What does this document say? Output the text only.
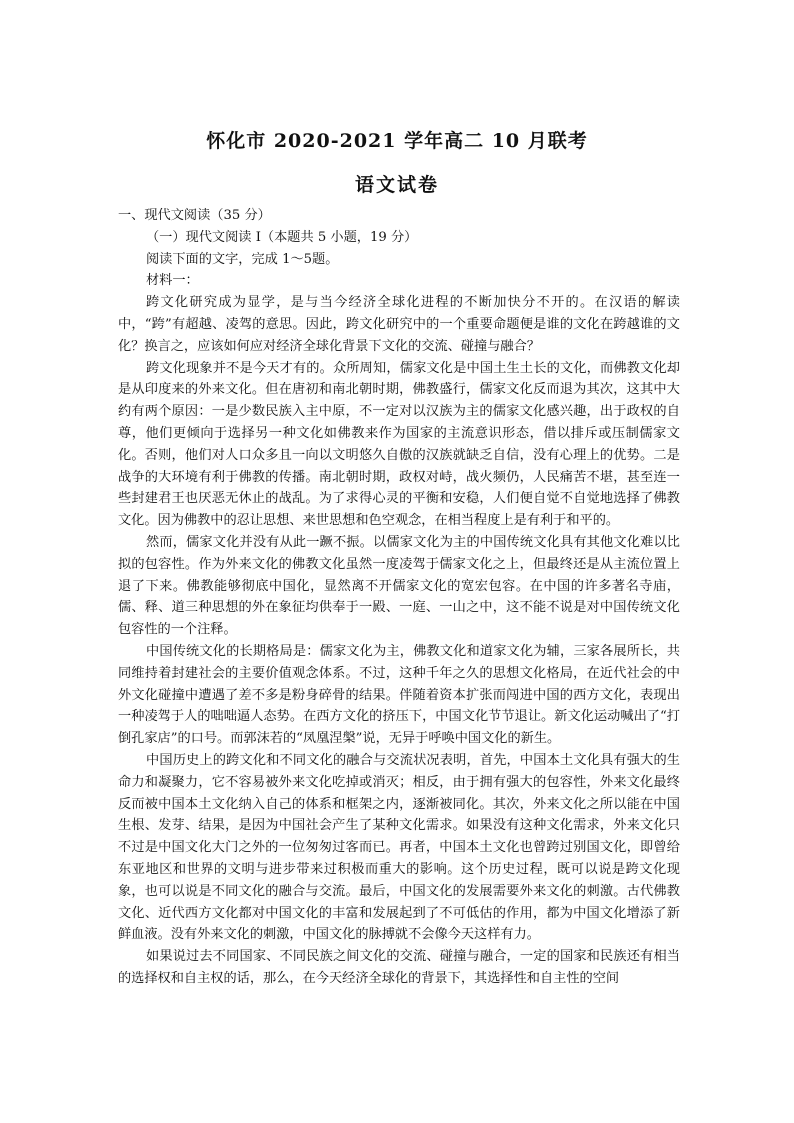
怀化市 2020-2021 学年高二 10 月联考
语文试卷
一、现代文阅读（35 分）
（一）现代文阅读 I（本题共 5 小题，19 分）
阅读下面的文字，完成 1～5题。
材料一：

跨文化研究成为显学，是与当今经济全球化进程的不断加快分不开的。在汉语的解读中，“跨”有超越、凌驾的意思。因此，跨文化研究中的一个重要命题便是谁的文化在跨越谁的文化？换言之，应该如何应对经济全球化背景下文化的交流、碰撞与融合？

跨文化现象并不是今天才有的。众所周知，儒家文化是中国土生土长的文化，而佛教文化却是从印度来的外来文化。但在唐初和南北朝时期，佛教盛行，儒家文化反而退为其次，这其中大约有两个原因：一是少数民族入主中原，不一定对以汉族为主的儒家文化感兴趣，出于政权的自尊，他们更倾向于选择另一种文化如佛教来作为国家的主流意识形态，借以排斥或压制儒家文化。否则，他们对人口众多且一向以文明悠久自傲的汉族就缺乏自信，没有心理上的优势。二是战争的大环境有利于佛教的传播。南北朝时期，政权对峙，战火频仍，人民痛苦不堪，甚至连一些封建君王也厌恶无休止的战乱。为了求得心灵的平衡和安稳，人们便自觉不自觉地选择了佛教文化。因为佛教中的忍让思想、来世思想和色空观念，在相当程度上是有利于和平的。

然而，儒家文化并没有从此一蹶不振。以儒家文化为主的中国传统文化具有其他文化难以比拟的包容性。作为外来文化的佛教文化虽然一度凌驾于儒家文化之上，但最终还是从主流位置上退了下来。佛教能够彻底中国化，显然离不开儒家文化的宽宏包容。在中国的许多著名寺庙，儒、释、道三种思想的外在象征均供奉于一殿、一庭、一山之中，这不能不说是对中国传统文化包容性的一个注释。

中国传统文化的长期格局是：儒家文化为主，佛教文化和道家文化为辅，三家各展所长，共同维持着封建社会的主要价值观念体系。不过，这种千年之久的思想文化格局，在近代社会的中外文化碰撞中遭遇了差不多是粉身碎骨的结果。伴随着资本扩张而闯进中国的西方文化，表现出一种凌驾于人的咄咄逼人态势。在西方文化的挤压下，中国文化节节退让。新文化运动喊出了“打倒孔家店”的口号。而郭沫若的“凤凰涅槃”说，无异于呼唤中国文化的新生。

中国历史上的跨文化和不同文化的融合与交流状况表明，首先，中国本土文化具有强大的生命力和凝聚力，它不容易被外来文化吃掉或消灭；相反，由于拥有强大的包容性，外来文化最终反而被中国本土文化纳入自己的体系和框架之内，逐渐被同化。其次，外来文化之所以能在中国生根、发芽、结果，是因为中国社会产生了某种文化需求。如果没有这种文化需求，外来文化只不过是中国文化大门之外的一位匆匆过客而已。再者，中国本土文化也曾跨过别国文化，即曾给东亚地区和世界的文明与进步带来过积极而重大的影响。这个历史过程，既可以说是跨文化现象，也可以说是不同文化的融合与交流。最后，中国文化的发展需要外来文化的刺激。古代佛教文化、近代西方文化都对中国文化的丰富和发展起到了不可低估的作用，都为中国文化增添了新鲜血液。没有外来文化的刺激，中国文化的脉搏就不会像今天这样有力。

如果说过去不同国家、不同民族之间文化的交流、碰撞与融合，一定的国家和民族还有相当的选择权和自主权的话，那么，在今天经济全球化的背景下，其选择性和自主性的空间
